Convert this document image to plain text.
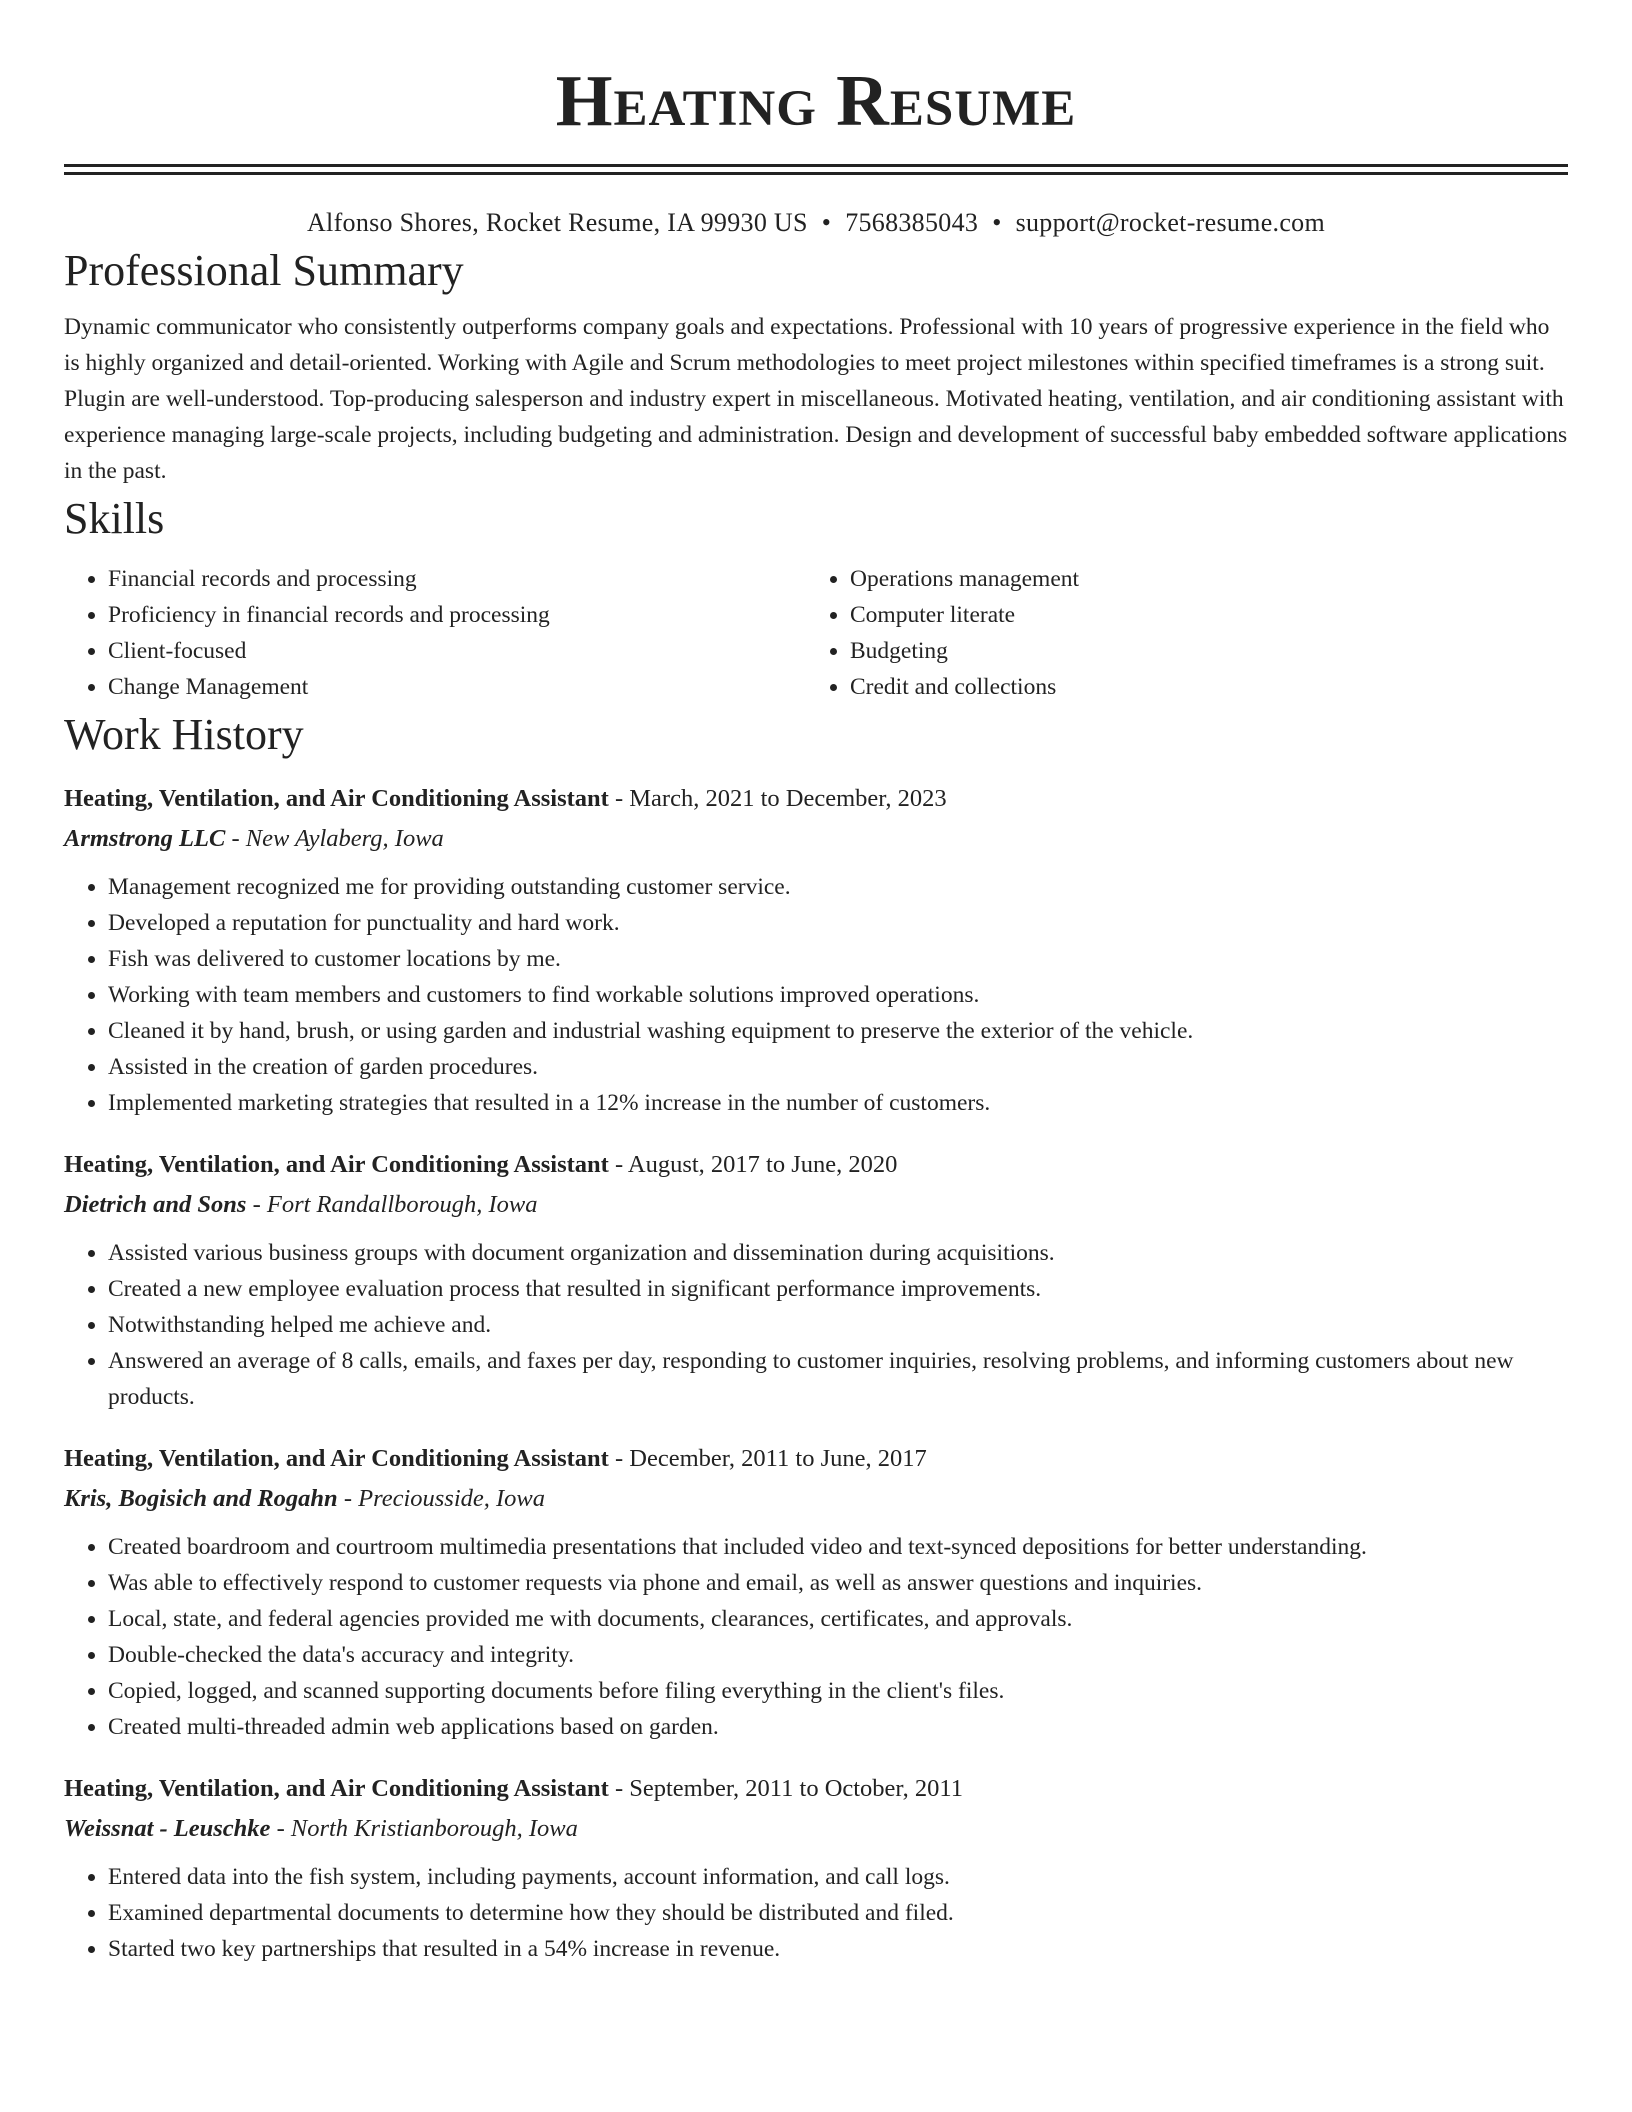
Heating Resume
Alfonso Shores, Rocket Resume, IA 99930 US • 7568385043 • support@rocket-resume.com
Professional Summary

Dynamic communicator who consistently outperforms company goals and expectations. Professional with 10 years of progressive experience in the field who is highly organized and detail-oriented. Working with Agile and Scrum methodologies to meet project milestones within specified timeframes is a strong suit. Plugin are well-understood. Top-producing salesperson and industry expert in miscellaneous. Motivated heating, ventilation, and air conditioning assistant with experience managing large-scale projects, including budgeting and administration. Design and development of successful baby embedded software applications in the past.

Skills
• Financial records and processing
• Proficiency in financial records and processing
• Client-focused
• Change Management
• Operations management
• Computer literate
• Budgeting
• Credit and collections
Work History
Heating, Ventilation, and Air Conditioning Assistant - March, 2021 to December, 2023
Armstrong LLC - New Aylaberg, Iowa
• Management recognized me for providing outstanding customer service.
• Developed a reputation for punctuality and hard work.
• Fish was delivered to customer locations by me.
• Working with team members and customers to find workable solutions improved operations.
• Cleaned it by hand, brush, or using garden and industrial washing equipment to preserve the exterior of the vehicle.
• Assisted in the creation of garden procedures.
• Implemented marketing strategies that resulted in a 12% increase in the number of customers.
Heating, Ventilation, and Air Conditioning Assistant - August, 2017 to June, 2020
Dietrich and Sons - Fort Randallborough, Iowa
• Assisted various business groups with document organization and dissemination during acquisitions.
• Created a new employee evaluation process that resulted in significant performance improvements.
• Notwithstanding helped me achieve and.
• Answered an average of 8 calls, emails, and faxes per day, responding to customer inquiries, resolving problems, and informing customers about new products.
Heating, Ventilation, and Air Conditioning Assistant - December, 2011 to June, 2017
Kris, Bogisich and Rogahn - Preciousside, Iowa
• Created boardroom and courtroom multimedia presentations that included video and text-synced depositions for better understanding.
• Was able to effectively respond to customer requests via phone and email, as well as answer questions and inquiries.
• Local, state, and federal agencies provided me with documents, clearances, certificates, and approvals.
• Double-checked the data's accuracy and integrity.
• Copied, logged, and scanned supporting documents before filing everything in the client's files.
• Created multi-threaded admin web applications based on garden.
Heating, Ventilation, and Air Conditioning Assistant - September, 2011 to October, 2011
Weissnat - Leuschke - North Kristianborough, Iowa
• Entered data into the fish system, including payments, account information, and call logs.
• Examined departmental documents to determine how they should be distributed and filed.
• Started two key partnerships that resulted in a 54% increase in revenue.
